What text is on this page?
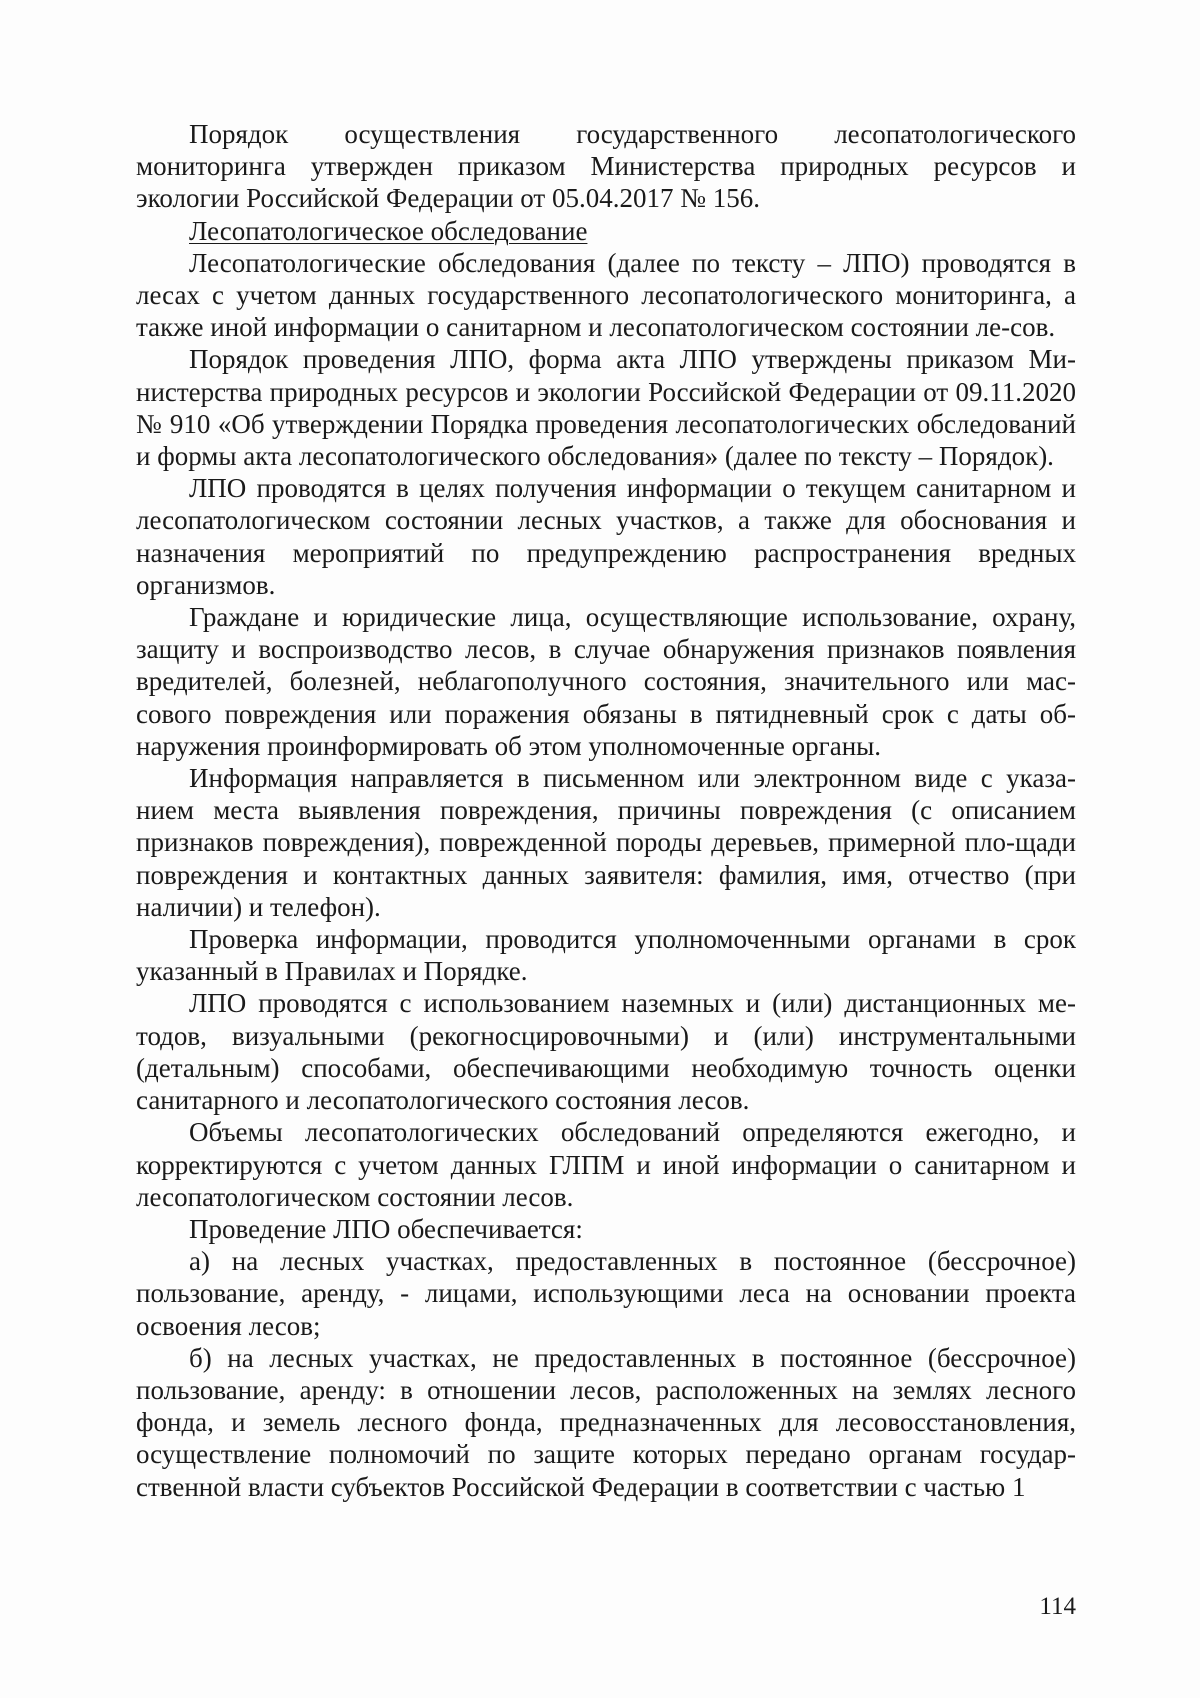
Порядок осуществления государственного лесопатологического мониторинга утвержден приказом Министерства природных ресурсов и экологии Российской Федерации от 05.04.2017 № 156.

Лесопатологическое обследование

Лесопатологические обследования (далее по тексту – ЛПО) проводятся в лесах с учетом данных государственного лесопатологического мониторинга, а также иной информации о санитарном и лесопатологическом состоянии ле-сов.

Порядок проведения ЛПО, форма акта ЛПО утверждены приказом Ми-нистерства природных ресурсов и экологии Российской Федерации от 09.11.2020 № 910 «Об утверждении Порядка проведения лесопатологических обследований и формы акта лесопатологического обследования» (далее по тексту – Порядок).

ЛПО проводятся в целях получения информации о текущем санитарном и лесопатологическом состоянии лесных участков, а также для обоснования и назначения мероприятий по предупреждению распространения вредных организмов.

Граждане и юридические лица, осуществляющие использование, охрану, защиту и воспроизводство лесов, в случае обнаружения признаков появления вредителей, болезней, неблагополучного состояния, значительного или мас-сового повреждения или поражения обязаны в пятидневный срок с даты об-наружения проинформировать об этом уполномоченные органы.

Информация направляется в письменном или электронном виде с указа-нием места выявления повреждения, причины повреждения (с описанием признаков повреждения), поврежденной породы деревьев, примерной пло-щади повреждения и контактных данных заявителя: фамилия, имя, отчество (при наличии) и телефон).

Проверка информации, проводится уполномоченными органами в срок указанный в Правилах и Порядке.

ЛПО проводятся с использованием наземных и (или) дистанционных ме-тодов, визуальными (рекогносцировочными) и (или) инструментальными (детальным) способами, обеспечивающими необходимую точность оценки санитарного и лесопатологического состояния лесов.

Объемы лесопатологических обследований определяются ежегодно, и корректируются с учетом данных ГЛПМ и иной информации о санитарном и лесопатологическом состоянии лесов.

Проведение ЛПО обеспечивается:

а) на лесных участках, предоставленных в постоянное (бессрочное) пользование, аренду, - лицами, использующими леса на основании проекта освоения лесов;

б) на лесных участках, не предоставленных в постоянное (бессрочное) пользование, аренду: в отношении лесов, расположенных на землях лесного фонда, и земель лесного фонда, предназначенных для лесовосстановления, осуществление полномочий по защите которых передано органам государ-ственной власти субъектов Российской Федерации в соответствии с частью 1

114
